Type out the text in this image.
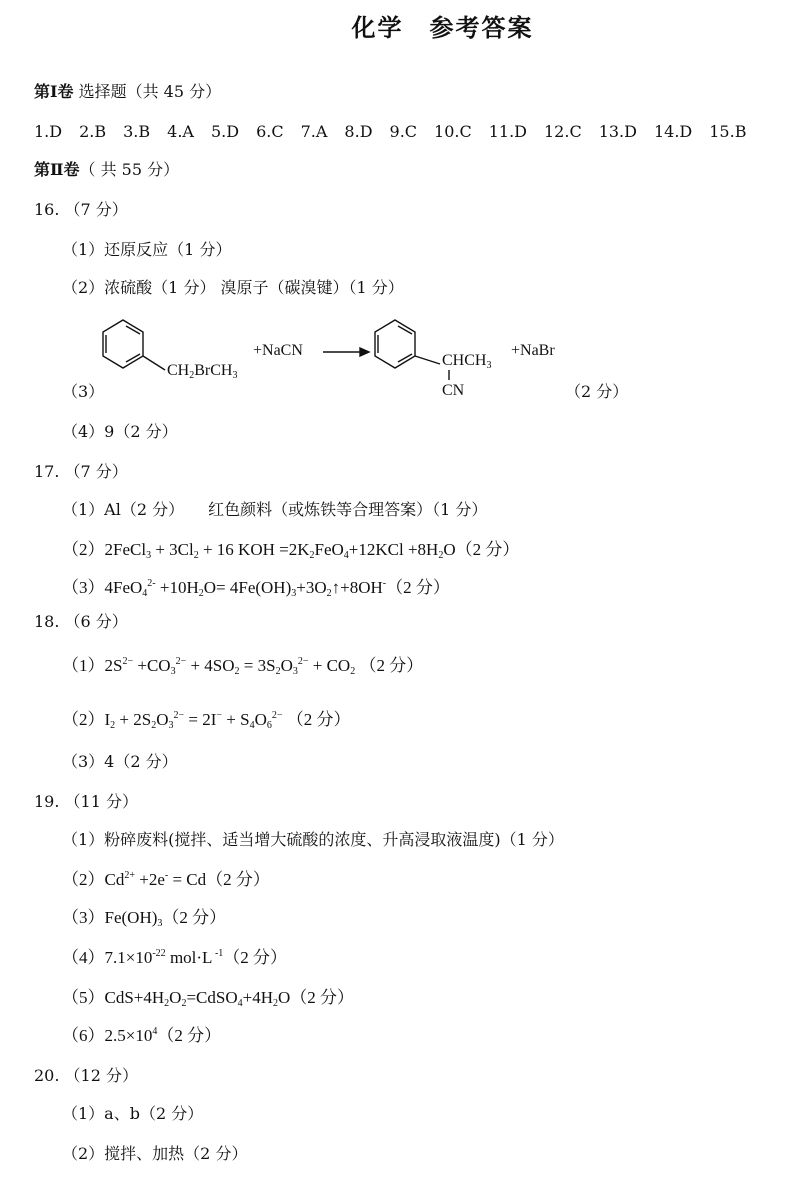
化学　参考答案
第Ⅰ卷 选择题（共 45 分）
1.D 2.B 3.B 4.A 5.D 6.C 7.A 8.D 9.C 10.C 11.D 12.C 13.D 14.D 15.B
第Ⅱ卷（ 共 55 分）
16. （7 分）
（1）还原反应（1 分）
（2）浓硫酸（1 分） 溴原子（碳溴键）（1 分）
$CH_2BrCH_3$
+NaCN
$CHCH_3$
CN
+NaBr
（3）	（2 分）
（4）9（2 分）
17. （7 分）
（1）Al（2 分）　　红色颜料（或炼铁等合理答案）（1 分）
（2）2FeCl$_3$ + $3Cl_2 + 16$ KOH $=2K_2FeO_4+12KCl +8H_2O(2$ 分）
$(3)4FeO_4^{2-} +10H_2O=$ $4Fe(OH)_3+3O_2↑+8OH^-(2$ 分）
18. （6 分）
$(1)2S^{2-} +CO_3^{2-} + 4SO_2 = 3S_2O_3^{2-} + CO_2$ （2 分）
$(2)I_2 + 2S_2O_3^{2-} = 2I^- + S_4O_6^{2-}$ （2 分）
（3）4（2 分）
19. （11 分）
（1）粉碎废料(搅拌、适当增大硫酸的浓度、升高浸取液温度)（1 分）
$(2)Cd^{2+} +2e^- = Cd(2$ 分）
$(3)Fe(OH)_3(2$ 分）
$(4)7.1\times 10^{-22}$ mol·L $^{-1}$（2 分）
$(5)CdS+4H_2O_2=CdSO_4+4H_2O(2$ 分）
$(6)2.5\times 10^4(2$ 分）
20. （12 分）
（1）a、b（2 分）
（2）搅拌、加热（2 分）
